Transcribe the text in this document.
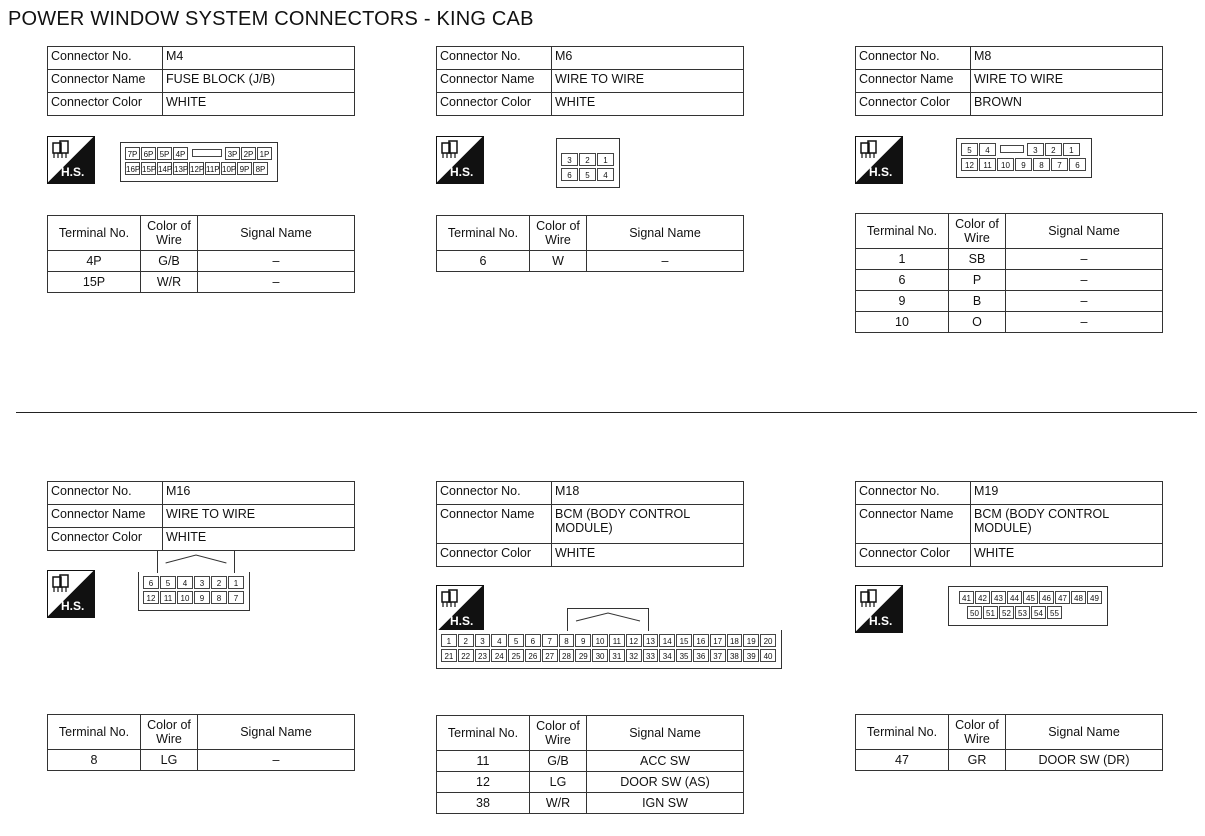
POWER WINDOW SYSTEM CONNECTORS - KING CAB
Connector No.	M4
Connector Name	FUSE BLOCK (J/B)
Connector Color	WHITE
H.S.
7P 6P 5P 4P	3P 2P 1P
16P 15P 14P 13P 12P 11P 10P 9P 8P
Terminal No.	Color of Wire	Signal Name
4P	G/B	–
15P	W/R	–
Connector No.	M6
Connector Name	WIRE TO WIRE
Connector Color	WHITE
H.S.
3	2	1
6	5	4
Terminal No.	Color of Wire	Signal Name
6	W	–
Connector No.	M8
Connector Name	WIRE TO WIRE
Connector Color	BROWN
H.S.
5	4	3	2	1
12	11	10	9	8	7	6
Terminal No.	Color of Wire	Signal Name
1	SB	–
6	P	–
9	B	–
10	O	–
Connector No.	M16
Connector Name	WIRE TO WIRE
Connector Color	WHITE
H.S.
6	5	4	3	2	1
12	11	10	9	8	7
Terminal No.	Color of Wire	Signal Name
8	LG	–
Connector No.	M18
Connector Name	BCM (BODY CONTROL MODULE)
Connector Color	WHITE
H.S.
1	2	3	4	5	6	7	8	9	10	11	12 13 14 15 16 17 18 19 20
21 22 23 24 25 26 27 28 29 30 31 32 33 34 35 36 37 38 39 40
Terminal No.	Color of Wire	Signal Name
11	G/B	ACC SW
12	LG	DOOR SW (AS)
38	W/R	IGN SW
Connector No.	M19
Connector Name	BCM (BODY CONTROL MODULE)
Connector Color	WHITE
H.S.
41 42 43 44 45 46 47 48 49
50 51 52 53 54 55
Terminal No.	Color of Wire	Signal Name
47	GR	DOOR SW (DR)
